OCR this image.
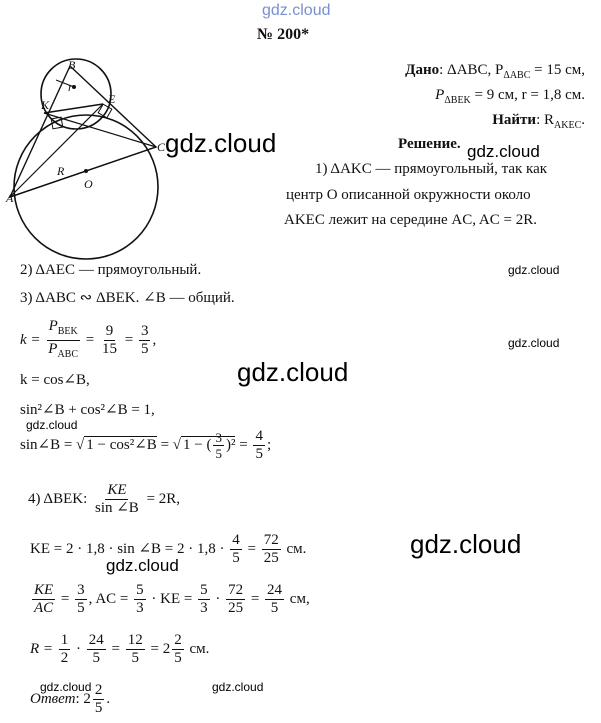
gdz.cloud
№ 200*
B
K	E
C
A
O
R
r
Дано: ΔABC, $P_{\Delta ABC} = 15$ см,
$P_{\Delta BEK} = 9$ см, r = 1,8 см.
Найти: $R_{AKEC}$.
gdz.cloud	gdz.cloud
gdz.cloud
gdz.cloud
gdz.cloud
gdz.cloud
gdz.cloud
gdz.cloud
gdz.cloud	gdz.cloud
Решение.
1) ΔAKC — прямоугольный, так как
центр O описанной окружности около
AKEC лежит на середине AC, AC = 2R.
2) ΔAEC — прямоугольный.
3) ΔABC ∾ ΔBEK. ∠B — общий.
$k = \frac{P_{BEK}}{P_{ABC}} = \frac{9}{15} = \frac{3}{5}$ ,
k = cos∠B,
sin²∠B + cos²∠B = 1,
sin∠B = √ 1 − cos²∠B = √ 1 − ( $\frac{3}{5} )^2 = \frac{4}{5}$ ;
4) ΔBEK: $\frac{KE}{\sin \angle B} = 2R$,
KE = 2 · 1,8 · sin ∠B = $2 \cdot 1,8 \cdot \frac{4}{5} = \frac{72}{25}$ см.
$\frac{KE}{AC} = \frac{3}{5}$ , AC = $\frac{5}{3}$ · KE = $\frac{5}{3} \cdot \frac{72}{25} = \frac{24}{5}$ см,
$R = \frac{1}{2} \cdot \frac{24}{5} = \frac{12}{5} = 2 \frac{2}{5}$ см.
Ответ: $2 \frac{2}{5}$ .
